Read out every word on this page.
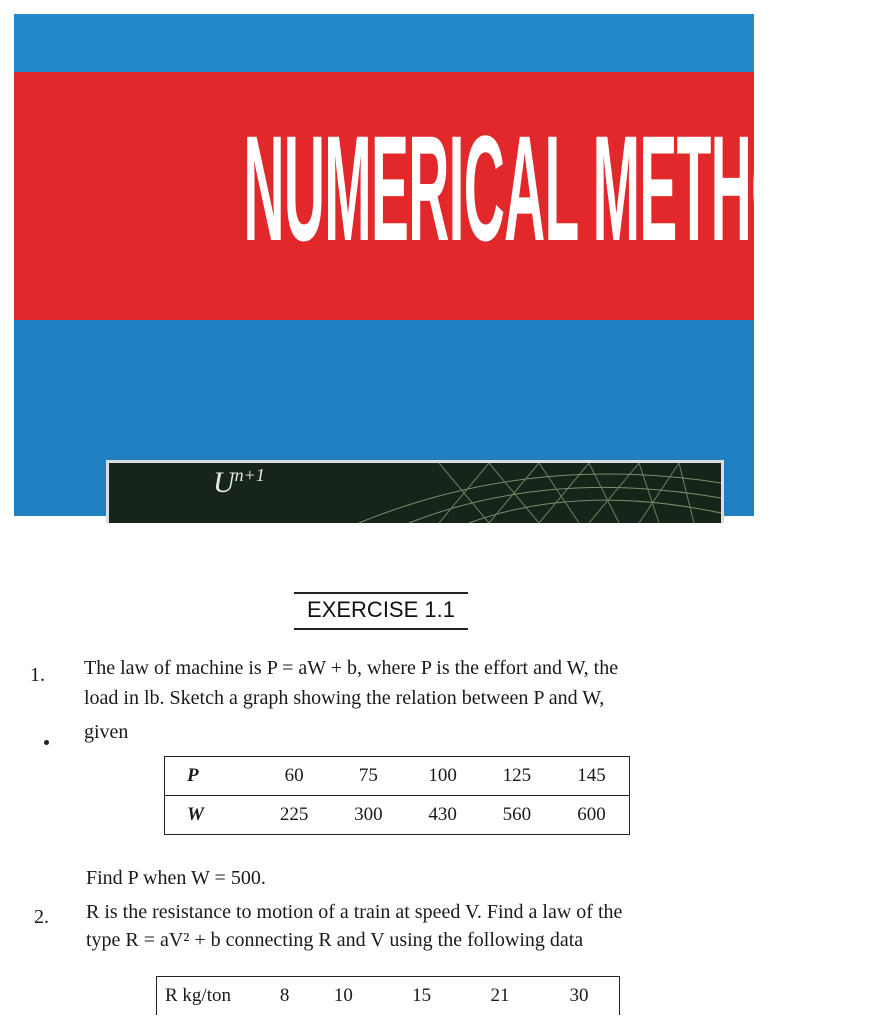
NUMERICAL METHODS
$U^{n+1}$
EXERCISE 1.1
1. The law of machine is P = aW + b, where P is the effort and W, the
load in lb. Sketch a graph showing the relation between P and W,
given
P	60	75	100	125	145
W	225	300	430	560	600
Find P when W = 500.
2. R is the resistance to motion of a train at speed V. Find a law of the
type R = aV² + b connecting R and V using the following data
R kg/ton	8	10	15	21	30
